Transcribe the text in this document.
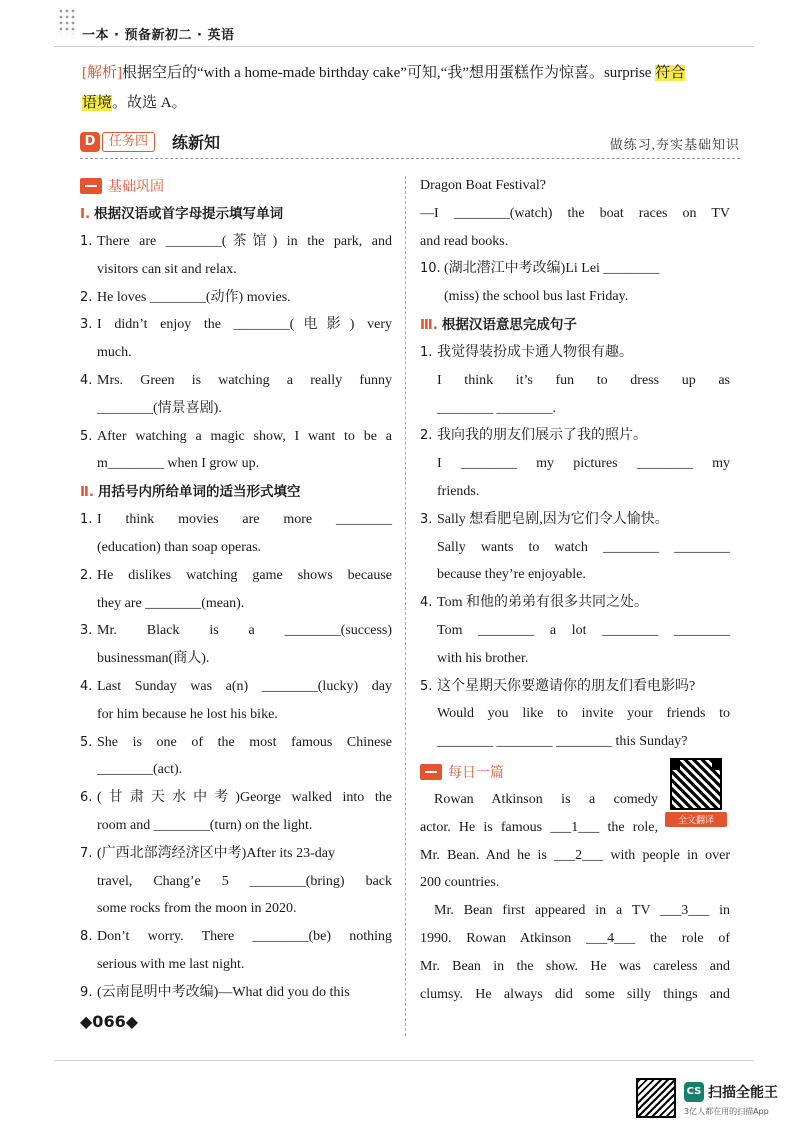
一本 · 预备新初二 · 英语
[解析]根据空后的“with a home-made birthday cake”可知,“我”想用蛋糕作为惊喜。surprise 符合
语境。故选 A。
D	任务四	练新知	做练习,夯实基础知识
基础巩固
Ⅰ. 根据汉语或首字母提示填写单词
1. There are ________(茶馆) in the park, and
visitors can sit and relax.
2. He loves ________(动作) movies.
3. I didn’t enjoy the ________(电影) very
much.
4. Mrs. Green is watching a really funny
________(情景喜剧).
5. After watching a magic show, I want to be a
m________ when I grow up.
Ⅱ. 用括号内所给单词的适当形式填空
1. I think movies are more ________
(education) than soap operas.
2. He dislikes watching game shows because
they are ________(mean).
3. Mr. Black is a ________(success)
businessman(商人).
4. Last Sunday was a(n) ________(lucky) day
for him because he lost his bike.
5. She is one of the most famous Chinese
________(act).
6. (甘肃天水中考)George walked into the
room and ________(turn) on the light.
7. (广西北部湾经济区中考)After its 23-day
travel, Chang’e 5 ________(bring) back
some rocks from the moon in 2020.
8. Don’t worry. There ________(be) nothing
serious with me last night.
9. (云南昆明中考改编)—What did you do this
Dragon Boat Festival?
—I ________(watch) the boat races on TV
and read books.
10. (湖北潜江中考改编)Li Lei ________
(miss) the school bus last Friday.
Ⅲ. 根据汉语意思完成句子
1. 我觉得装扮成卡通人物很有趣。
I think it’s fun to dress up as
________ ________.
2. 我向我的朋友们展示了我的照片。
I ________ my pictures ________ my
friends.
3. Sally 想看肥皂剧,因为它们令人愉快。
Sally wants to watch ________ ________
because they’re enjoyable.
4. Tom 和他的弟弟有很多共同之处。
Tom ________ a lot ________ ________
with his brother.
5. 这个星期天你要邀请你的朋友们看电影吗?
Would you like to invite your friends to
________ ________ ________ this Sunday?
每日一篇
Rowan Atkinson is a comedy
actor. He is famous ___1___ the role,
Mr. Bean. And he is ___2___ with people in over
200 countries.
Mr. Bean first appeared in a TV ___3___ in
1990. Rowan Atkinson ___4___ the role of
Mr. Bean in the show. He was careless and
clumsy. He always did some silly things and
全文翻译
◆066◆
CS 扫描全能王
3亿人都在用的扫描App
